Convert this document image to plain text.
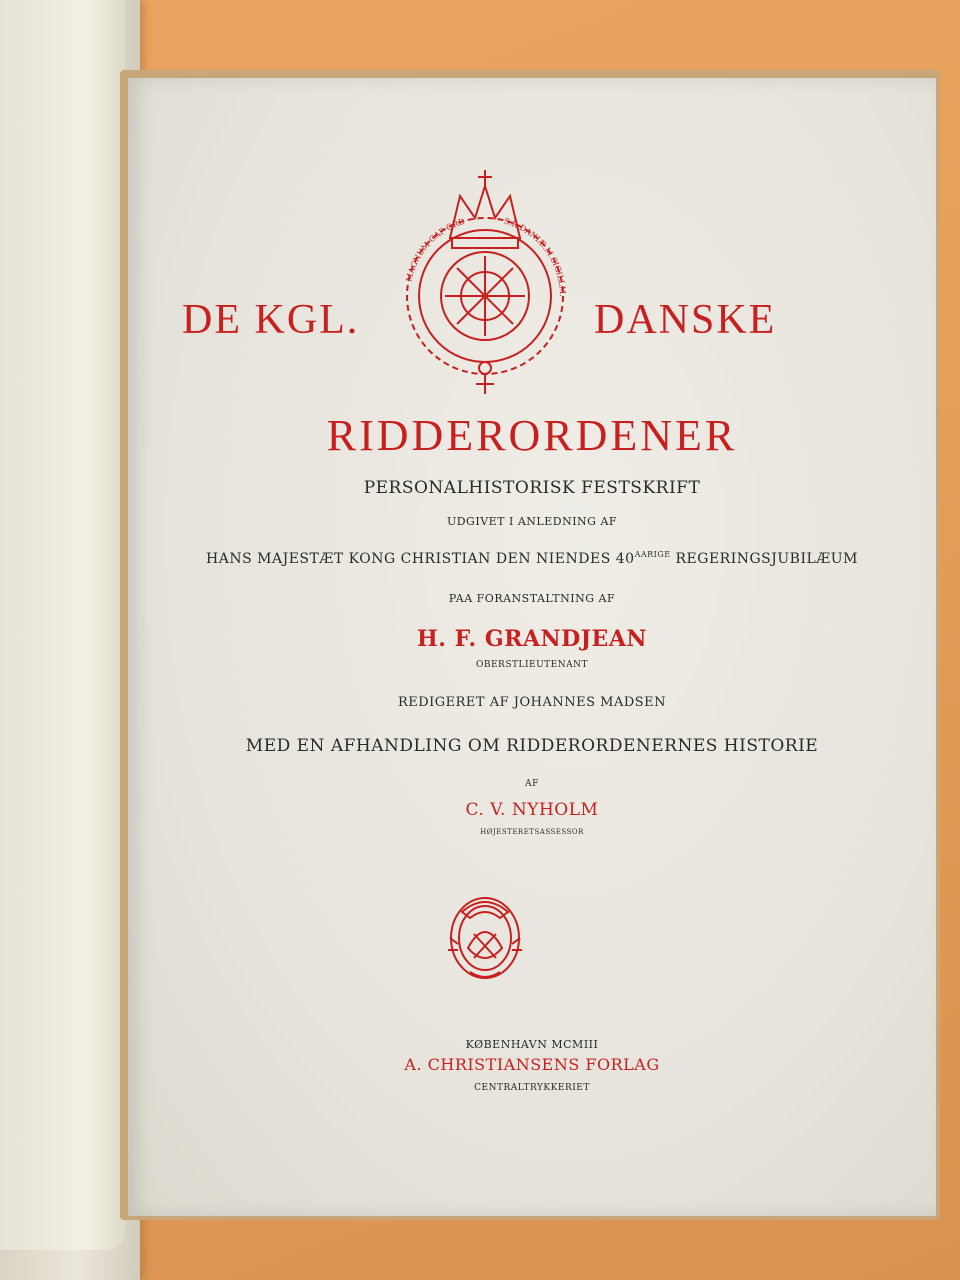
MAGNUM CAP ORD	S.R.DANIÆ.M.SIGILLM.
DE KGL.	DANSKE
RIDDERORDENER
PERSONALHISTORISK FESTSKRIFT
UDGIVET I ANLEDNING AF
HANS MAJESTÆT KONG CHRISTIAN DEN NIENDES $40^{AARIGE}$ REGERINGSJUBILÆUM
PAA FORANSTALTNING AF
H. F. GRANDJEAN
OBERSTLIEUTENANT
REDIGERET AF JOHANNES MADSEN
MED EN AFHANDLING OM RIDDERORDENERNES HISTORIE
AF
C. V. NYHOLM
HØJESTERETSASSESSOR
KØBENHAVN MCMIII
A. CHRISTIANSENS FORLAG
CENTRALTRYKKERIET
